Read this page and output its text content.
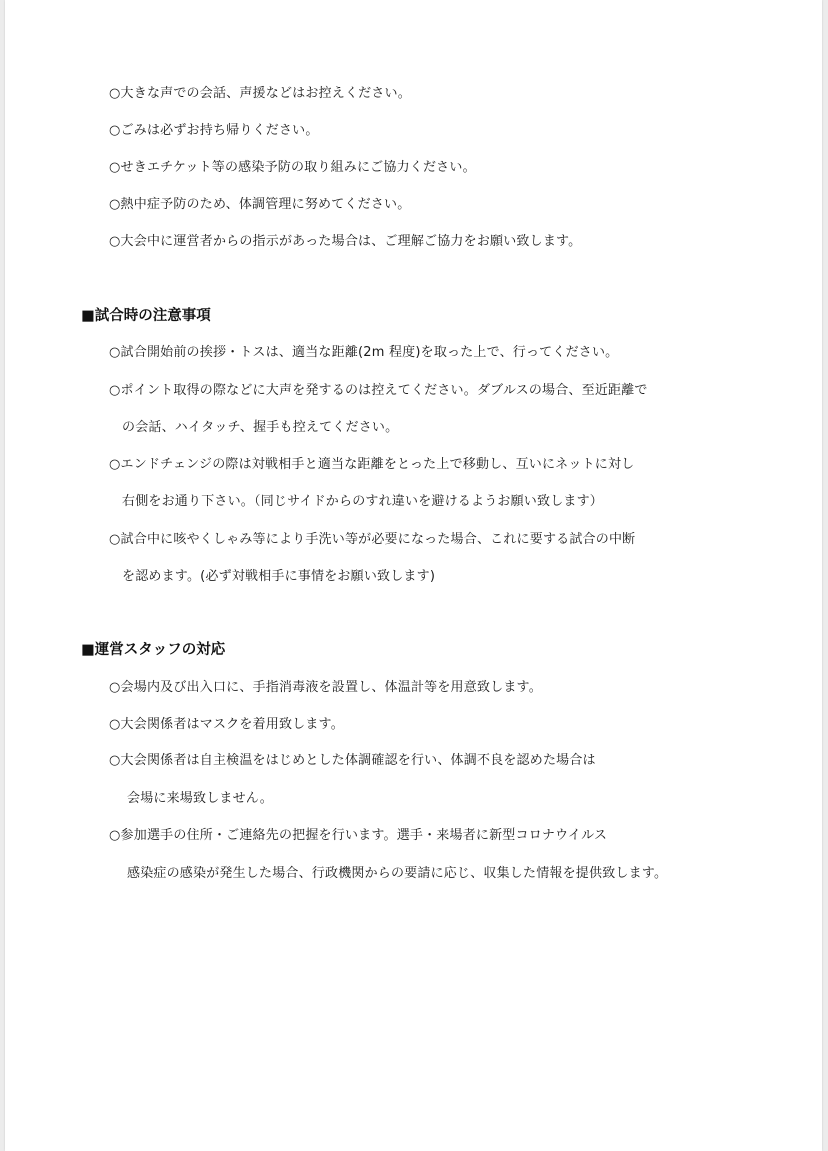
○大きな声での会話、声援などはお控えください。
○ごみは必ずお持ち帰りください。
○せきエチケット等の感染予防の取り組みにご協力ください。
○熱中症予防のため、体調管理に努めてください。
○大会中に運営者からの指示があった場合は、ご理解ご協力をお願い致します。
■試合時の注意事項
○試合開始前の挨拶・トスは、適当な距離(2m 程度)を取った上で、行ってください。
○ポイント取得の際などに大声を発するのは控えてください。ダブルスの場合、至近距離で
の会話、ハイタッチ、握手も控えてください。
○エンドチェンジの際は対戦相手と適当な距離をとった上で移動し、互いにネットに対し
右側をお通り下さい。（同じサイドからのすれ違いを避けるようお願い致します）
○試合中に咳やくしゃみ等により手洗い等が必要になった場合、これに要する試合の中断
を認めます。(必ず対戦相手に事情をお願い致します)
■運営スタッフの対応
○会場内及び出入口に、手指消毒液を設置し、体温計等を用意致します。
○大会関係者はマスクを着用致します。
○大会関係者は自主検温をはじめとした体調確認を行い、体調不良を認めた場合は
会場に来場致しません。
○参加選手の住所・ご連絡先の把握を行います。選手・来場者に新型コロナウイルス
感染症の感染が発生した場合、行政機関からの要請に応じ、収集した情報を提供致します。
